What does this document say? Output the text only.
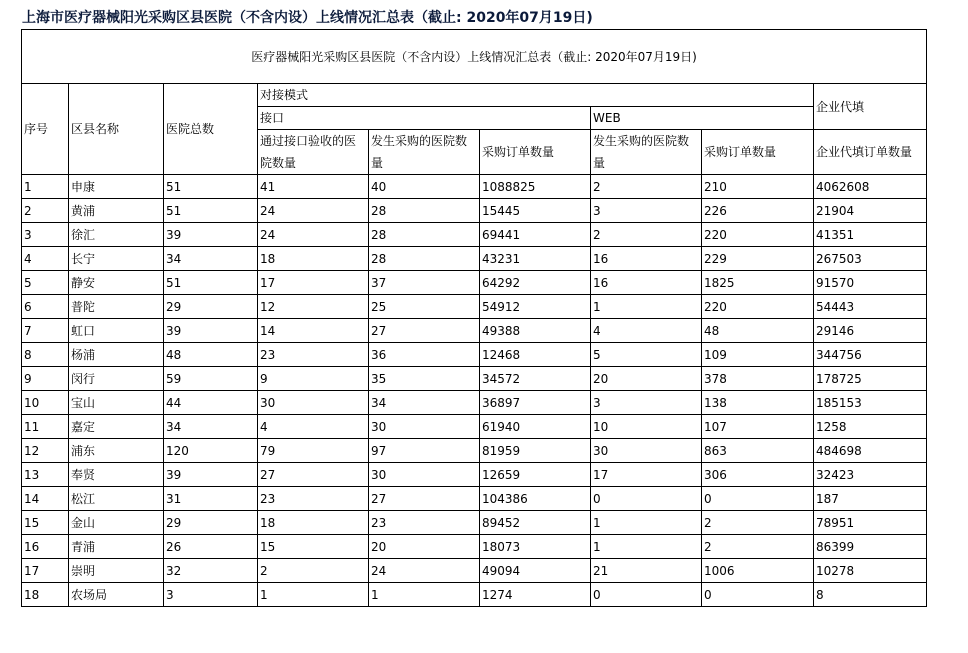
上海市医疗器械阳光采购区县医院（不含内设）上线情况汇总表（截止: 2020年07月19日)
医疗器械阳光采购区县医院（不含内设）上线情况汇总表（截止: 2020年07月19日)								
序号	区县名称	医院总数	对接模式					企业代填
			接口			WEB		
			通过接口验收的医院数量	发生采购的医院数量	采购订单数量	发生采购的医院数量	采购订单数量	企业代填订单数量
1	申康	51	41	40	1088825	2	210	4062608
2	黄浦	51	24	28	15445	3	226	21904
3	徐汇	39	24	28	69441	2	220	41351
4	长宁	34	18	28	43231	16	229	267503
5	静安	51	17	37	64292	16	1825	91570
6	普陀	29	12	25	54912	1	220	54443
7	虹口	39	14	27	49388	4	48	29146
8	杨浦	48	23	36	12468	5	109	344756
9	闵行	59	9	35	34572	20	378	178725
10	宝山	44	30	34	36897	3	138	185153
11	嘉定	34	4	30	61940	10	107	1258
12	浦东	120	79	97	81959	30	863	484698
13	奉贤	39	27	30	12659	17	306	32423
14	松江	31	23	27	104386	0	0	187
15	金山	29	18	23	89452	1	2	78951
16	青浦	26	15	20	18073	1	2	86399
17	崇明	32	2	24	49094	21	1006	10278
18	农场局	3	1	1	1274	0	0	8
